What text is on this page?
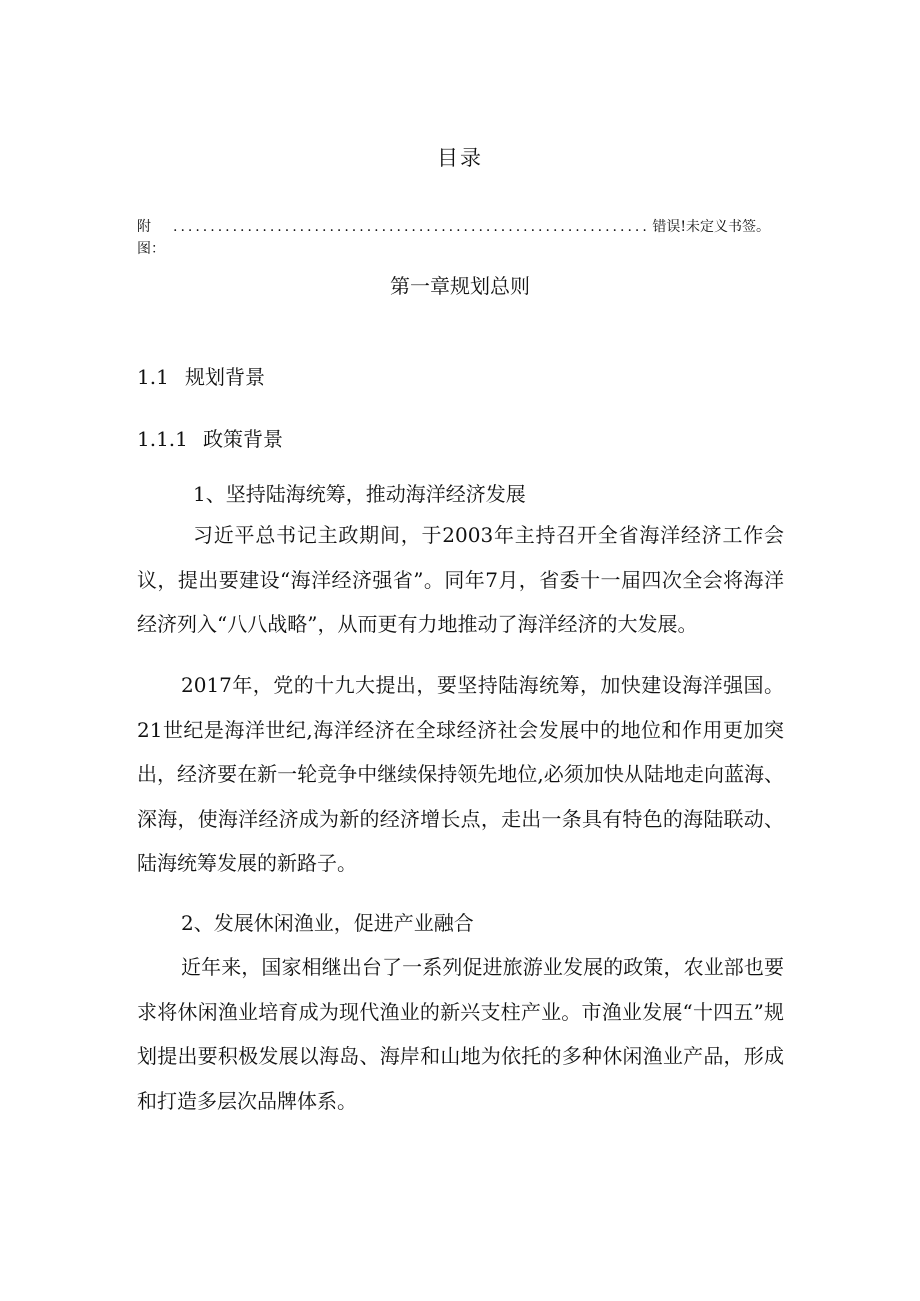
目录
附图：
.....
错误!未定义书签。
第一章规划总则
1.1 规划背景
1.1.1 政策背景
1、坚持陆海统筹，推动海洋经济发展
习近平总书记主政期间，于2003年主持召开全省海洋经济工作会议，提出要建设“海洋经济强省”。同年7月，省委十一届四次全会将海洋经济列入“八八战略”，从而更有力地推动了海洋经济的大发展。
2017年，党的十九大提出，要坚持陆海统筹，加快建设海洋强国。21世纪是海洋世纪,海洋经济在全球经济社会发展中的地位和作用更加突出，经济要在新一轮竞争中继续保持领先地位,必须加快从陆地走向蓝海、深海，使海洋经济成为新的经济增长点，走出一条具有特色的海陆联动、陆海统筹发展的新路子。
2、发展休闲渔业，促进产业融合
近年来，国家相继出台了一系列促进旅游业发展的政策，农业部也要求将休闲渔业培育成为现代渔业的新兴支柱产业。市渔业发展“十四五”规划提出要积极发展以海岛、海岸和山地为依托的多种休闲渔业产品，形成和打造多层次品牌体系。
